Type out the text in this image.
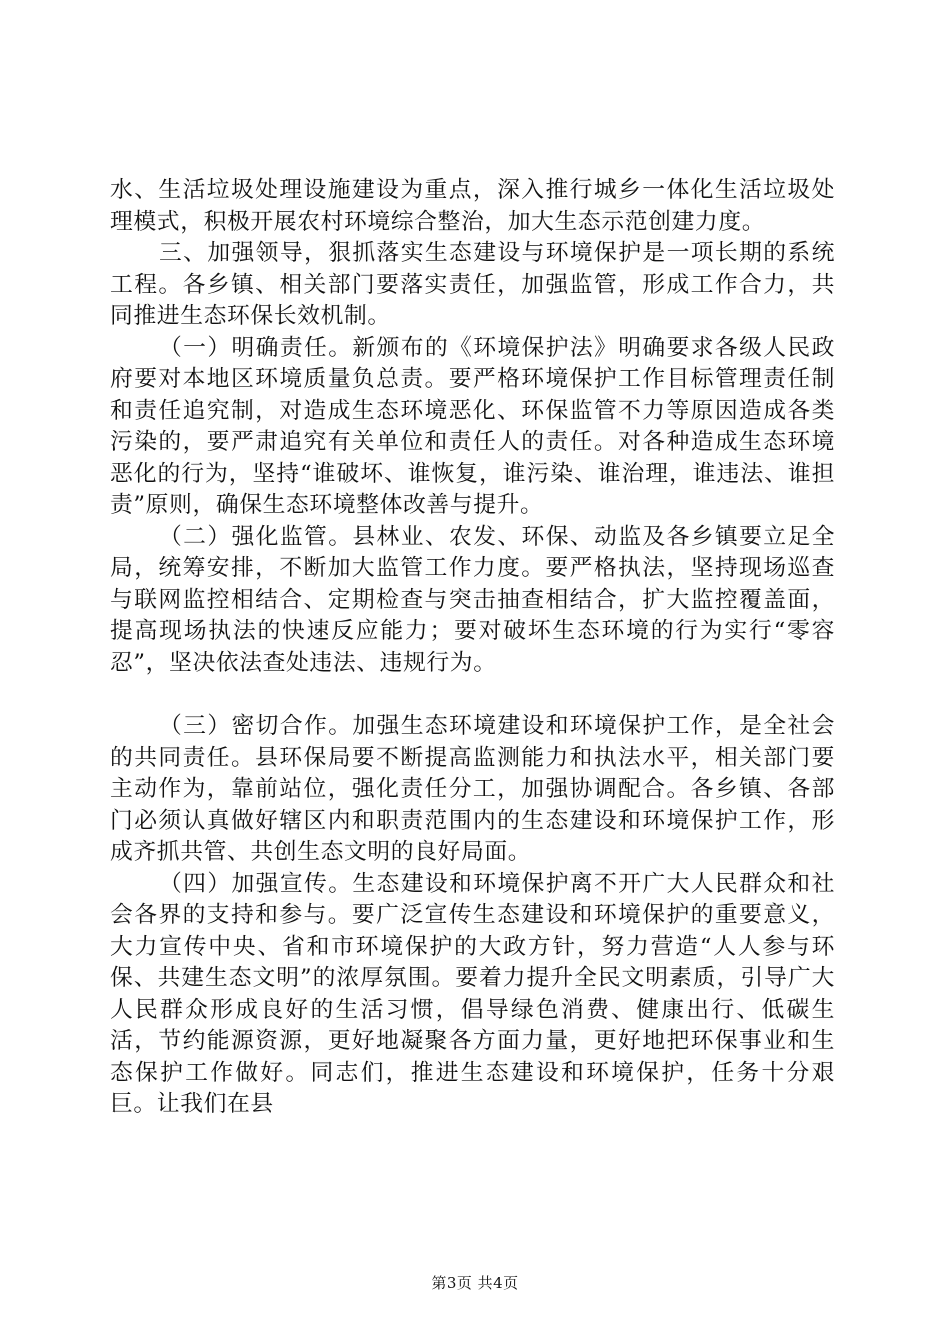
水、生活垃圾处理设施建设为重点，深入推行城乡一体化生活垃圾处理模式，积极开展农村环境综合整治，加大生态示范创建力度。

三、加强领导，狠抓落实生态建设与环境保护是一项长期的系统工程。各乡镇、相关部门要落实责任，加强监管，形成工作合力，共同推进生态环保长效机制。

（一）明确责任。新颁布的《环境保护法》明确要求各级人民政府要对本地区环境质量负总责。要严格环境保护工作目标管理责任制和责任追究制，对造成生态环境恶化、环保监管不力等原因造成各类污染的，要严肃追究有关单位和责任人的责任。对各种造成生态环境恶化的行为，坚持“谁破坏、谁恢复，谁污染、谁治理，谁违法、谁担责”原则，确保生态环境整体改善与提升。

（二）强化监管。县林业、农发、环保、动监及各乡镇要立足全局，统筹安排，不断加大监管工作力度。要严格执法，坚持现场巡查与联网监控相结合、定期检查与突击抽查相结合，扩大监控覆盖面，提高现场执法的快速反应能力；要对破坏生态环境的行为实行“零容忍”，坚决依法查处违法、违规行为。

（三）密切合作。加强生态环境建设和环境保护工作，是全社会的共同责任。县环保局要不断提高监测能力和执法水平，相关部门要主动作为，靠前站位，强化责任分工，加强协调配合。各乡镇、各部门必须认真做好辖区内和职责范围内的生态建设和环境保护工作，形成齐抓共管、共创生态文明的良好局面。

（四）加强宣传。生态建设和环境保护离不开广大人民群众和社会各界的支持和参与。要广泛宣传生态建设和环境保护的重要意义，大力宣传中央、省和市环境保护的大政方针，努力营造“人人参与环保、共建生态文明”的浓厚氛围。要着力提升全民文明素质，引导广大人民群众形成良好的生活习惯，倡导绿色消费、健康出行、低碳生活，节约能源资源，更好地凝聚各方面力量，更好地把环保事业和生态保护工作做好。同志们，推进生态建设和环境保护，任务十分艰巨。让我们在县

第3页 共4页
